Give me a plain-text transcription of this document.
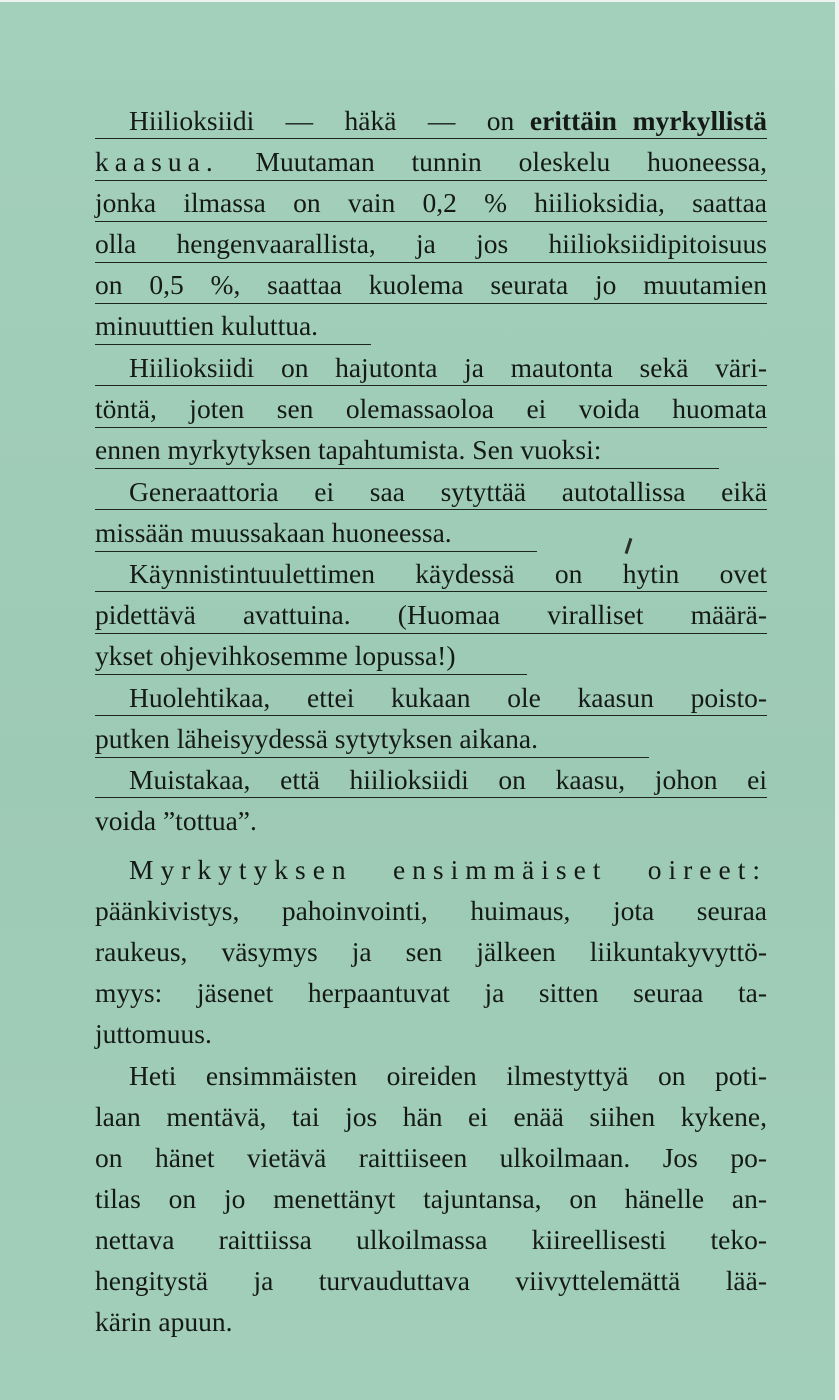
Hiilioksiidi  —  häkä  —  on erittäin myrkyllistä
kaasua. Muutaman tunnin oleskelu huoneessa,
jonka ilmassa on vain 0,2 % hiilioksidia, saattaa
olla hengenvaarallista, ja jos hiilioksiidipitoisuus
on 0,5 %, saattaa kuolema seurata jo muutamien
minuuttien kuluttua.
Hiilioksiidi on hajutonta ja mautonta sekä väri-
töntä, joten sen olemassaoloa ei voida huomata
ennen myrkytyksen tapahtumista. Sen vuoksi:
Generaattoria ei saa sytyttää autotallissa eikä
missään muussakaan huoneessa.
Käynnistintuulettimen käydessä on hytin ovet
pidettävä avattuina. (Huomaa viralliset määrä-
ykset ohjevihkosemme lopussa!)
Huolehtikaa, ettei kukaan ole kaasun poisto-
putken läheisyydessä sytytyksen aikana.
Muistakaa, että hiilioksiidi on kaasu, johon ei
voida ”tottua”.
Myrkytyksen ensimmäiset oireet:
päänkivistys, pahoinvointi, huimaus, jota seuraa
raukeus, väsymys ja sen jälkeen liikuntakyvyttö-
myys: jäsenet herpaantuvat ja sitten seuraa ta-
juttomuus.
Heti ensimmäisten oireiden ilmestyttyä on poti-
laan mentävä, tai jos hän ei enää siihen kykene,
on hänet vietävä raittiiseen ulkoilmaan. Jos po-
tilas on jo menettänyt tajuntansa, on hänelle an-
nettava raittiissa ulkoilmassa kiireellisesti teko-
hengitystä ja turvauduttava viivyttelemättä lää-
kärin apuun.
